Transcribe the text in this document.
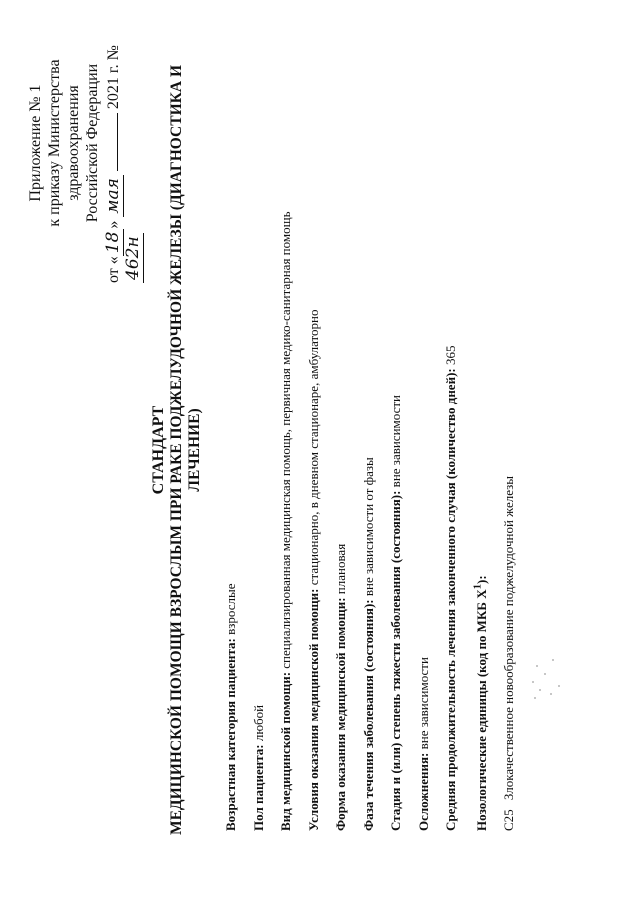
Приложение № 1 к приказу Министерства здравоохранения Российской Федерации
от «18» мая  2021 г. № 462н
СТАНДАРТ МЕДИЦИНСКОЙ ПОМОЩИ ВЗРОСЛЫМ ПРИ РАКЕ ПОДЖЕЛУДОЧНОЙ ЖЕЛЕЗЫ (ДИАГНОСТИКА И ЛЕЧЕНИЕ)
Возрастная категория пациента: взрослые
Пол пациента: любой Вид медицинской помощи: специализированная медицинская помощь, первичная медико-санитарная помощь
Условия оказания медицинской помощи: стационарно, в дневном стационаре, амбулаторно
Форма оказания медицинской помощи: плановая
Фаза течения заболевания (состояния): вне зависимости от фазы Стадия и (или) степень тяжести заболевания (состояния): вне зависимости
Осложнения: вне зависимости Средняя продолжительность лечения законченного случая (количество дней): 365
Нозологические единицы (код по МКБ $X^1$):
C25 Злокачественное новообразование поджелудочной железы
